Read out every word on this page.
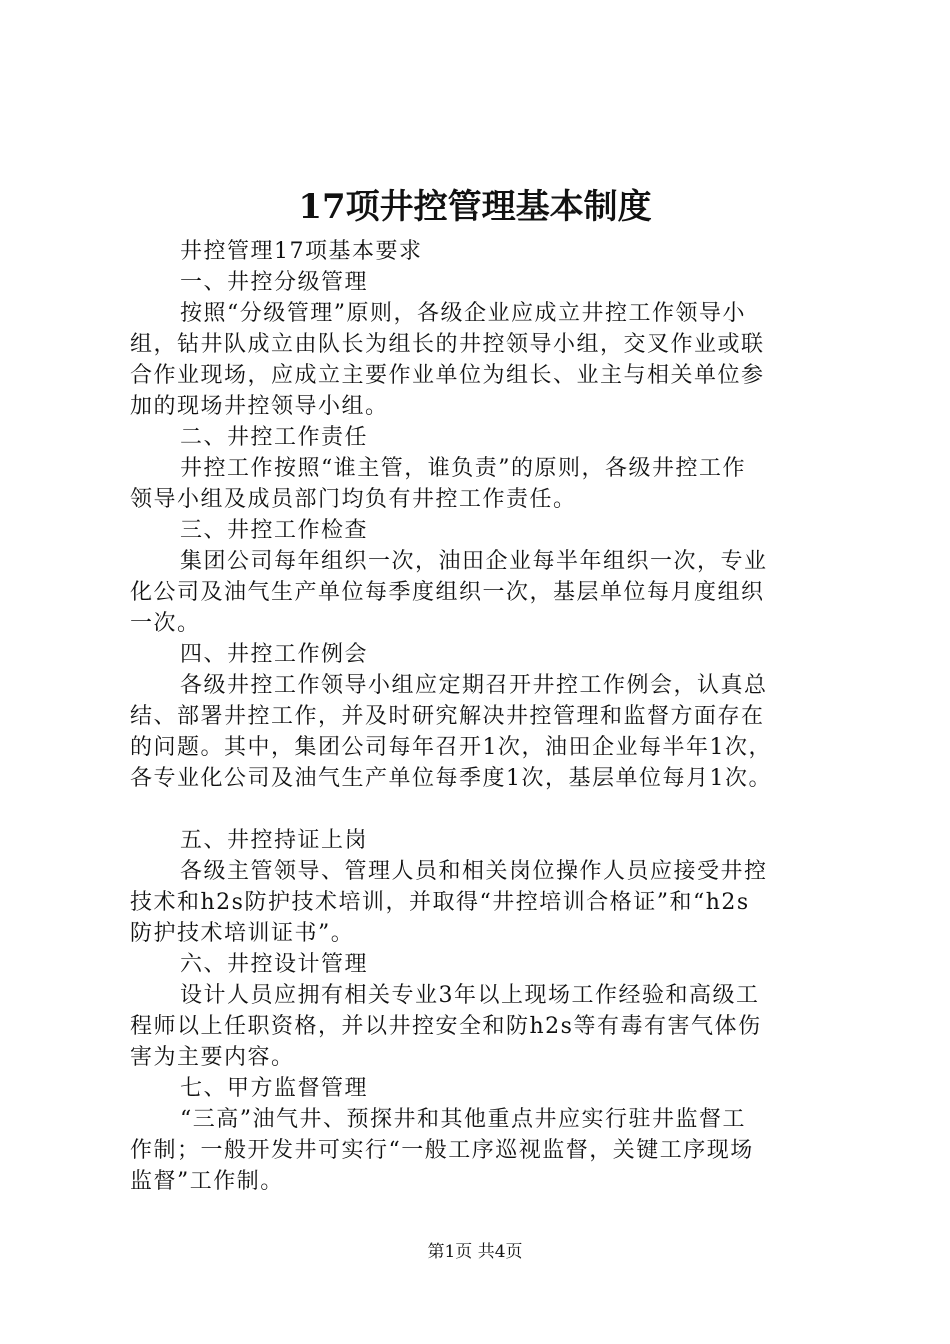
17项井控管理基本制度
井控管理17项基本要求
一、井控分级管理
按照“分级管理”原则，各级企业应成立井控工作领导小
组，钻井队成立由队长为组长的井控领导小组，交叉作业或联
合作业现场，应成立主要作业单位为组长、业主与相关单位参
加的现场井控领导小组。
二、井控工作责任
井控工作按照“谁主管，谁负责”的原则，各级井控工作
领导小组及成员部门均负有井控工作责任。
三、井控工作检查
集团公司每年组织一次，油田企业每半年组织一次，专业
化公司及油气生产单位每季度组织一次，基层单位每月度组织
一次。
四、井控工作例会
各级井控工作领导小组应定期召开井控工作例会，认真总
结、部署井控工作，并及时研究解决井控管理和监督方面存在
的问题。其中，集团公司每年召开1次，油田企业每半年1次，
各专业化公司及油气生产单位每季度1次，基层单位每月1次。
五、井控持证上岗
各级主管领导、管理人员和相关岗位操作人员应接受井控
技术和h2s防护技术培训，并取得“井控培训合格证”和“h2s
防护技术培训证书”。
六、井控设计管理
设计人员应拥有相关专业3年以上现场工作经验和高级工
程师以上任职资格，并以井控安全和防h2s等有毒有害气体伤
害为主要内容。
七、甲方监督管理
“三高”油气井、预探井和其他重点井应实行驻井监督工
作制；一般开发井可实行“一般工序巡视监督，关键工序现场
监督”工作制。
第1页 共4页
